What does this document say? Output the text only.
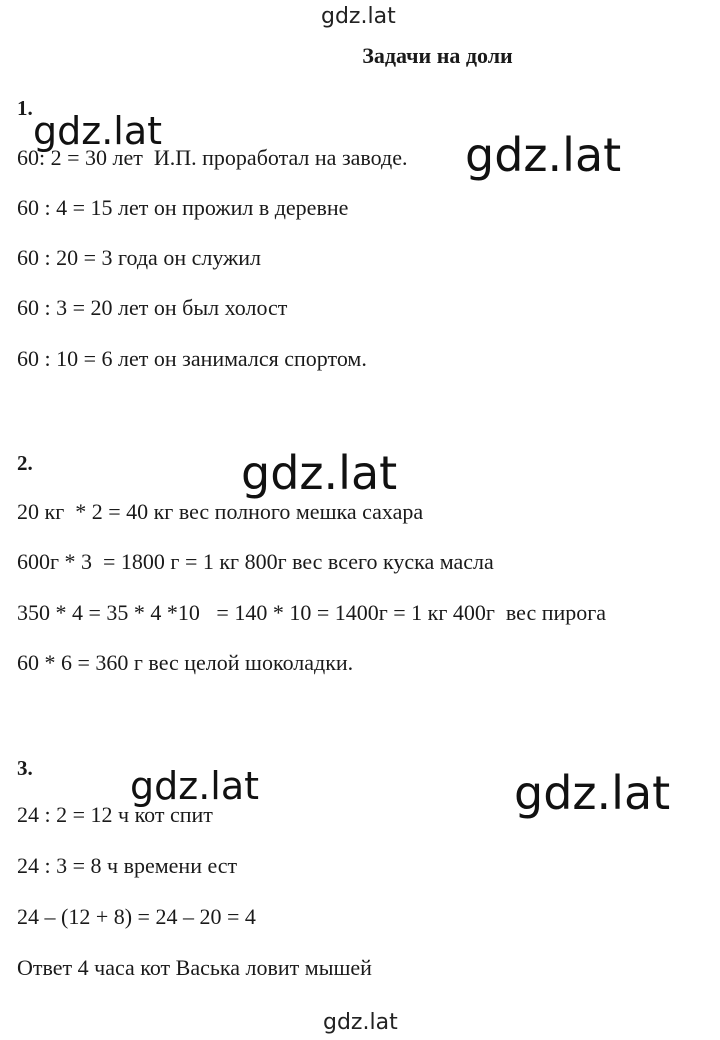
gdz.lat
Задачи на доли
1.
gdz.lat
60: 2 = 30 лет  И.П. проработал на заводе. gdz.lat
60 : 4 = 15 лет он прожил в деревне
60 : 20 = 3 года он служил
60 : 3 = 20 лет он был холост
60 : 10 = 6 лет он занимался спортом.
2.	gdz.lat
20 кг  * 2 = 40 кг вес полного мешка сахара
600г * 3  = 1800 г = 1 кг 800г вес всего куска масла
350 * 4 = 35 * 4 *10   = 140 * 10 = 1400г = 1 кг 400г  вес пирога
60 * 6 = 360 г вес целой шоколадки.
3.	gdz.lat	gdz.lat
24 : 2 = 12 ч кот спит
24 : 3 = 8 ч времени ест
24 – (12 + 8) = 24 – 20 = 4
Ответ 4 часа кот Васька ловит мышей
gdz.lat
